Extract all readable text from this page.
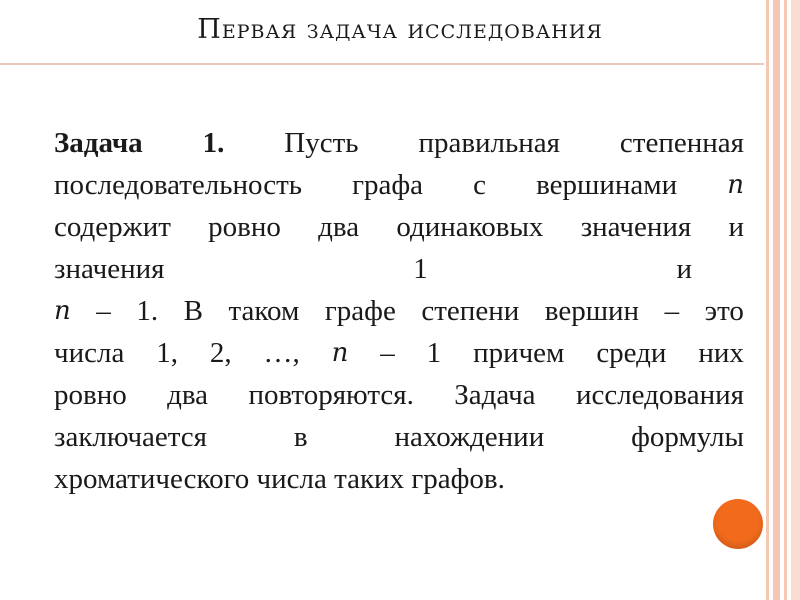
Первая задача исследования
Задача 1. Пусть правильная степенная
последовательность графа с вершинами n
содержит ровно два одинаковых значения и
значения	1	и
n – 1. В таком графе степени вершин – это
числа 1, 2, …, n – 1 причем среди них
ровно два повторяются. Задача исследования
заключается	в	нахождении	формулы
хроматического числа таких графов.
